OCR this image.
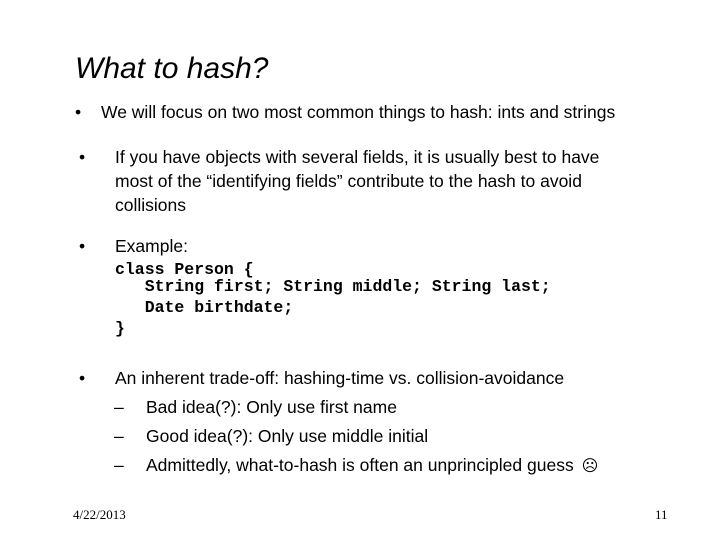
What to hash?
• We will focus on two most common things to hash: ints and strings
• If you have objects with several fields, it is usually best to have
most of the “identifying fields” contribute to the hash to avoid
collisions
• Example:
class Person {
String first; String middle; String last;
Date birthdate;
}
• An inherent trade-off: hashing-time vs. collision-avoidance
– Bad idea(?): Only use first name
– Good idea(?): Only use middle initial
– Admittedly, what-to-hash is often an unprincipled guess ☹
4/22/2013	11
